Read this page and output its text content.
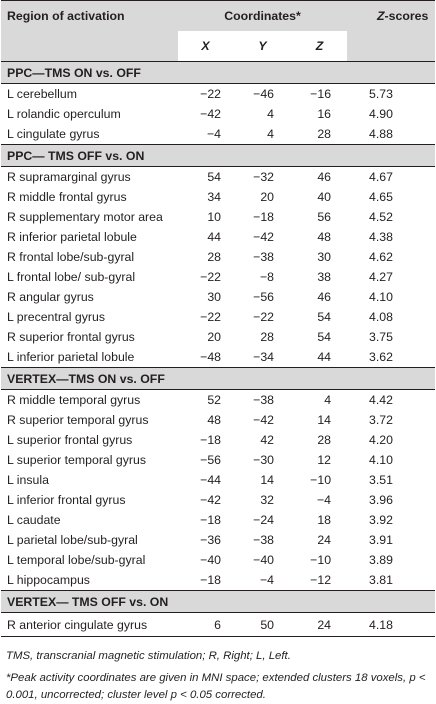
Region of activation	Coordinates*			Z-scores
	X	Y	Z	
PPC—TMS ON vs. OFF				
L cerebellum	−22	−46	−16	5.73
L rolandic operculum	−42	4	16	4.90
L cingulate gyrus	−4	4	28	4.88
PPC— TMS OFF vs. ON				
R supramarginal gyrus	54	−32	46	4.67
R middle frontal gyrus	34	20	40	4.65
R supplementary motor area	10	−18	56	4.52
R inferior parietal lobule	44	−42	48	4.38
R frontal lobe/sub-gyral	28	−38	30	4.62
L frontal lobe/ sub-gyral	−22	−8	38	4.27
R angular gyrus	30	−56	46	4.10
L precentral gyrus	−22	−22	54	4.08
R superior frontal gyrus	20	28	54	3.75
L inferior parietal lobule	−48	−34	44	3.62
VERTEX—TMS ON vs. OFF				
R middle temporal gyrus	52	−38	4	4.42
R superior temporal gyrus	48	−42	14	3.72
L superior frontal gyrus	−18	42	28	4.20
L superior temporal gyrus	−56	−30	12	4.10
L insula	−44	14	−10	3.51
L inferior frontal gyrus	−42	32	−4	3.96
L caudate	−18	−24	18	3.92
L parietal lobe/sub-gyral	−36	−38	24	3.91
L temporal lobe/sub-gyral	−40	−40	−10	3.89
L hippocampus	−18	−4	−12	3.81
VERTEX— TMS OFF vs. ON				
R anterior cingulate gyrus	6	50	24	4.18

TMS, transcranial magnetic stimulation; R, Right; L, Left.

*Peak activity coordinates are given in MNI space; extended clusters 18 voxels, p < 0.001, uncorrected; cluster level p < 0.05 corrected.
